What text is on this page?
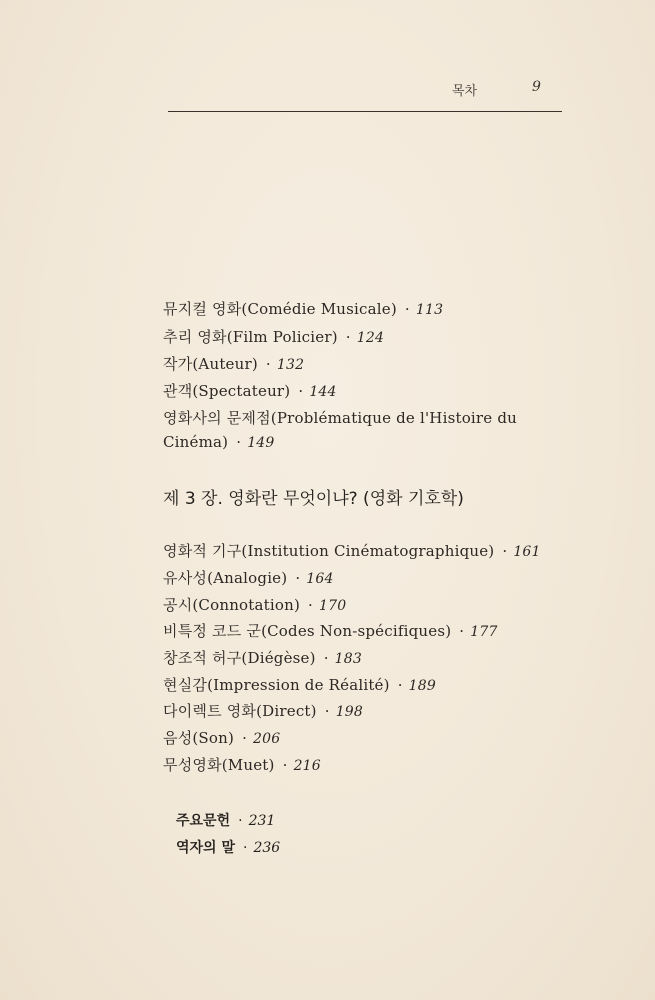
목차	9
뮤지컬 영화(Comédie Musicale) · 113
추리 영화(Film Policier) · 124
작가(Auteur) · 132
관객(Spectateur) · 144
영화사의 문제점(Problématique de l'Histoire du
Cinéma) · 149
제 3 장. 영화란 무엇이냐? (영화 기호학)
영화적 기구(Institution Cinématographique) · 161
유사성(Analogie) · 164
공시(Connotation) · 170
비특정 코드 군(Codes Non-spécifiques) · 177
창조적 허구(Diégèse) · 183
현실감(Impression de Réalité) · 189
다이렉트 영화(Direct) · 198
음성(Son) · 206
무성영화(Muet) · 216
주요문헌 · 231
역자의 말 · 236
